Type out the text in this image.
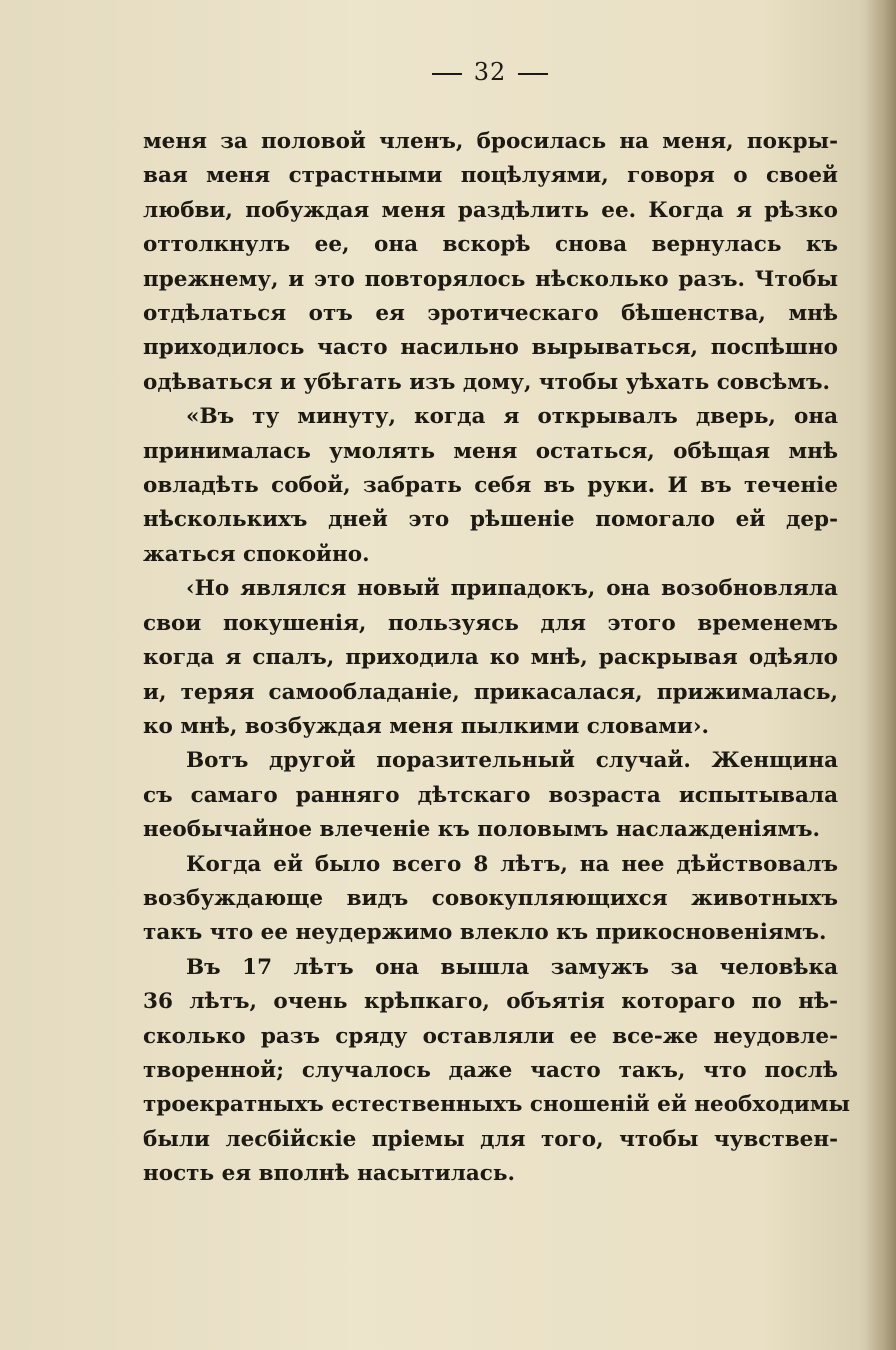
32

меня за половой членъ, бросилась на меня, покры-
вая меня страстными поцѣлуями, говоря о своей
любви, побуждая меня раздѣлить ее. Когда я рѣзко
оттолкнулъ ее, она вскорѣ снова вернулась къ
прежнему, и это повторялось нѣсколько разъ. Чтобы
отдѣлаться отъ ея эротическаго бѣшенства, мнѣ
приходилось часто насильно вырываться, поспѣшно
одѣваться и убѣгать изъ дому, чтобы уѣхать совсѣмъ.

«Въ ту минуту, когда я открывалъ дверь, она
принималась умолять меня остаться, обѣщая мнѣ
овладѣть собой, забрать себя въ руки. И въ теченіе
нѣсколькихъ дней это рѣшеніе помогало ей дер-
жаться спокойно.

‹Но являлся новый припадокъ, она возобновляла
свои покушенія, пользуясь для этого временемъ
когда я спалъ, приходила ко мнѣ, раскрывая одѣяло
и, теряя самообладаніе, прикасалася, прижималась,
ко мнѣ, возбуждая меня пылкими словами›.

Вотъ другой поразительный случай. Женщина
съ самаго ранняго дѣтскаго возраста испытывала
необычайное влеченіе къ половымъ наслажденіямъ.

Когда ей было всего 8 лѣтъ, на нее дѣйствовалъ
возбуждающе видъ совокупляющихся животныхъ
такъ что ее неудержимо влекло къ прикосновеніямъ.

Въ 17 лѣтъ она вышла замужъ за человѣка
36 лѣтъ, очень крѣпкаго, объятія котораго по нѣ-
сколько разъ сряду оставляли ее все-же неудовле-
творенной; случалось даже часто такъ, что послѣ
троекратныхъ естественныхъ сношеній ей необходимы
были лесбійскіе пріемы для того, чтобы чувствен-
ность ея вполнѣ насытилась.
